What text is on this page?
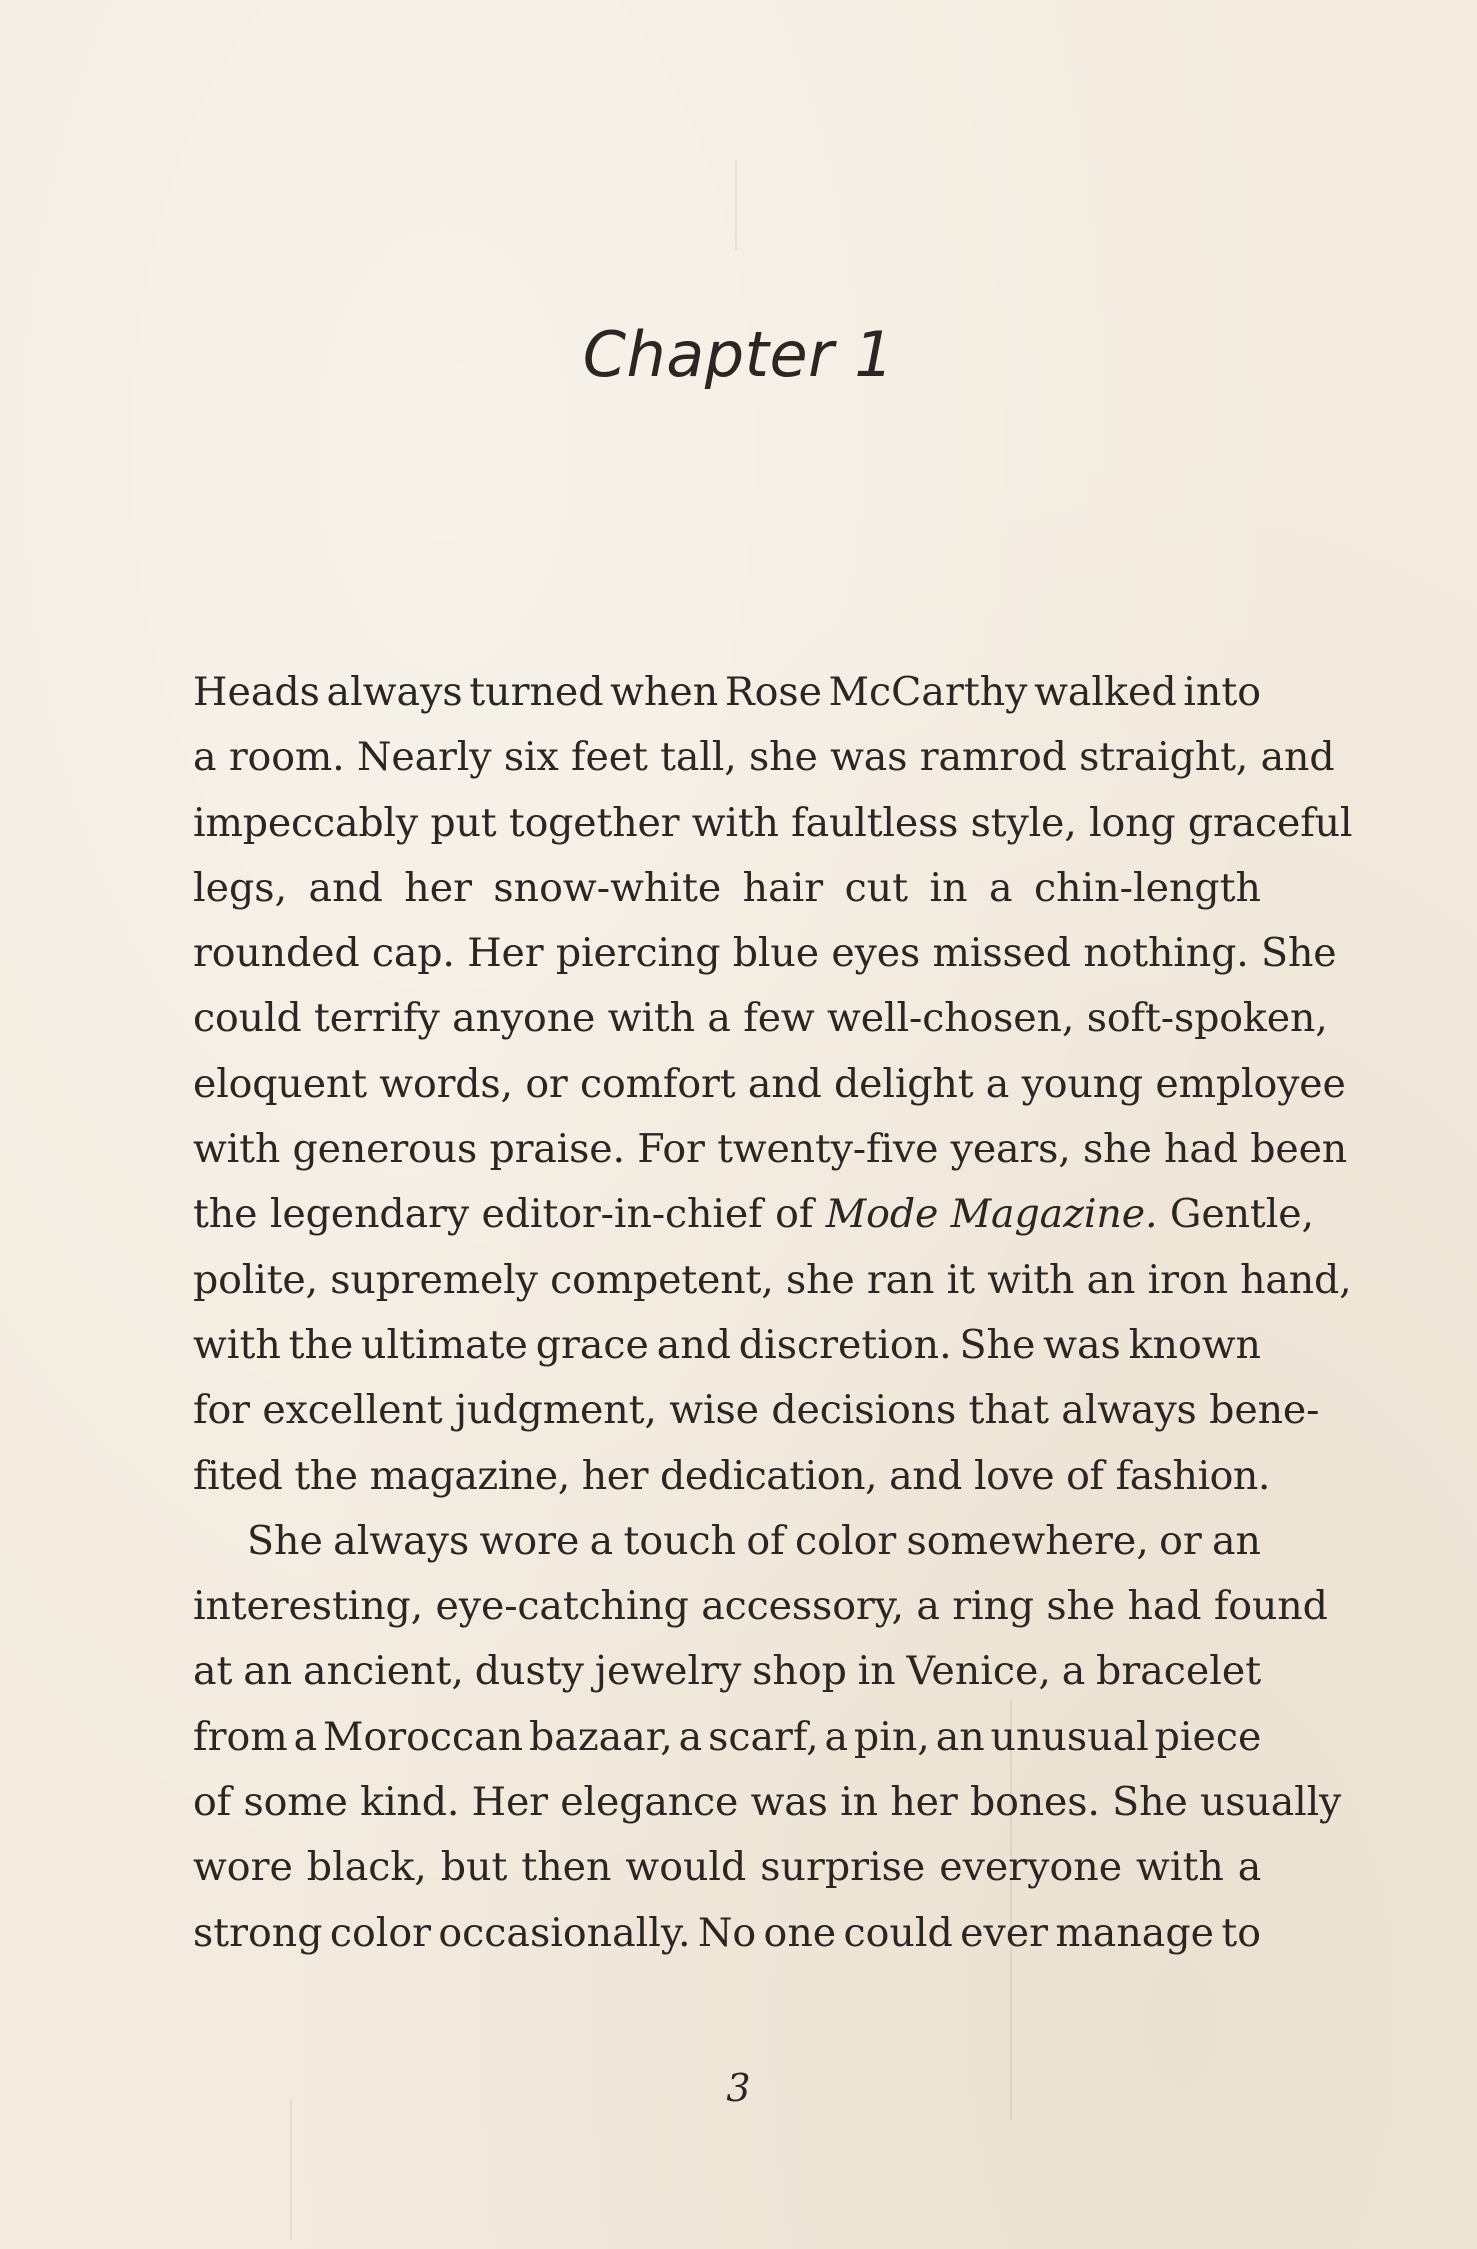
Chapter 1
Heads always turned when Rose McCarthy walked into
a room. Nearly six feet tall, she was ramrod straight, and
impeccably put together with faultless style, long graceful
legs, and her snow-white hair cut in a chin-length
rounded cap. Her piercing blue eyes missed nothing. She
could terrify anyone with a few well-chosen, soft-spoken,
eloquent words, or comfort and delight a young employee
with generous praise. For twenty-five years, she had been
the legendary editor-in-chief of Mode Magazine. Gentle,
polite, supremely competent, she ran it with an iron hand,
with the ultimate grace and discretion. She was known
for excellent judgment, wise decisions that always bene-
fited the magazine, her dedication, and love of fashion.
She always wore a touch of color somewhere, or an
interesting, eye-catching accessory, a ring she had found
at an ancient, dusty jewelry shop in Venice, a bracelet
from a Moroccan bazaar, a scarf, a pin, an unusual piece
of some kind. Her elegance was in her bones. She usually
wore black, but then would surprise everyone with a
strong color occasionally. No one could ever manage to
3
